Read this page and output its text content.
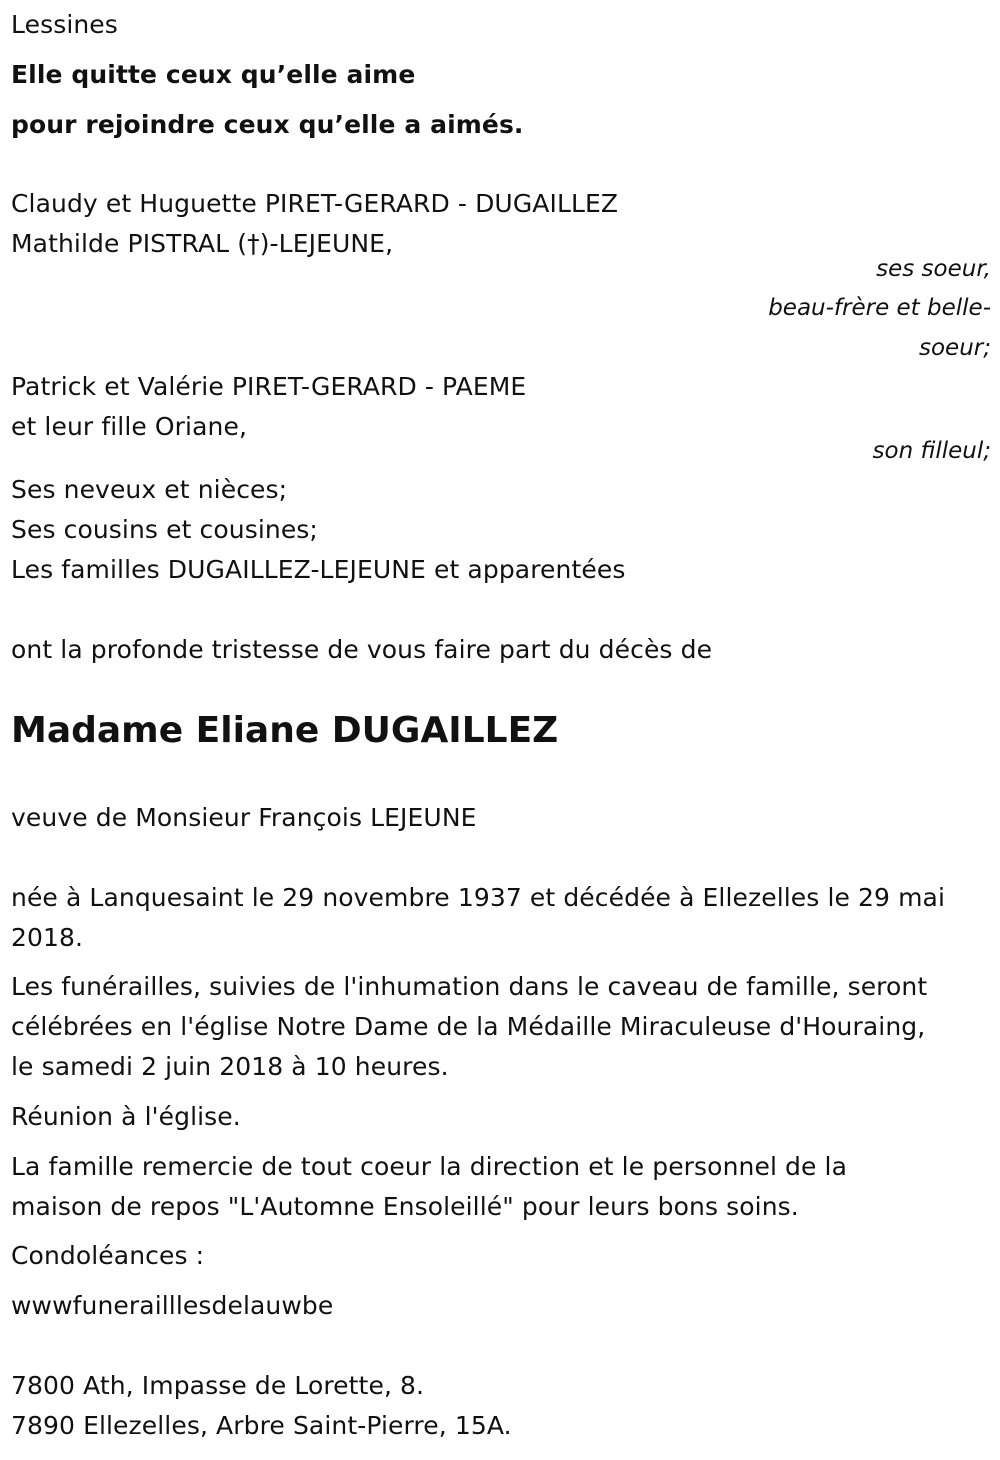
Lessines
Elle quitte ceux qu’elle aime
pour rejoindre ceux qu’elle a aimés.
Claudy et Huguette PIRET-GERARD - DUGAILLEZ
Mathilde PISTRAL (†)-LEJEUNE,
ses soeur,
beau-frère et belle-
soeur;
Patrick et Valérie PIRET-GERARD - PAEME
et leur fille Oriane,
son filleul;
Ses neveux et nièces;
Ses cousins et cousines;
Les familles DUGAILLEZ-LEJEUNE et apparentées
ont la profonde tristesse de vous faire part du décès de
Madame Eliane DUGAILLEZ
veuve de Monsieur François LEJEUNE
née à Lanquesaint le 29 novembre 1937 et décédée à Ellezelles le 29 mai
2018.
Les funérailles, suivies de l'inhumation dans le caveau de famille, seront
célébrées en l'église Notre Dame de la Médaille Miraculeuse d'Houraing,
le samedi 2 juin 2018 à 10 heures.
Réunion à l'église.
La famille remercie de tout coeur la direction et le personnel de la
maison de repos "L'Automne Ensoleillé" pour leurs bons soins.
Condoléances :
wwwfunerailllesdelauwbe
7800 Ath, Impasse de Lorette, 8.
7890 Ellezelles, Arbre Saint-Pierre, 15A.
